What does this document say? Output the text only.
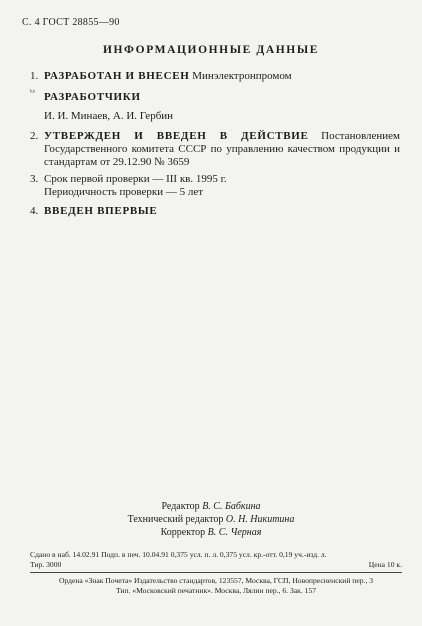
С. 4 ГОСТ 28855—90
ИНФОРМАЦИОННЫЕ ДАННЫЕ
1. РАЗРАБОТАН И ВНЕСЕН Минэлектронпромом
ᵏᵉ РАЗРАБОТЧИКИ
И. И. Минаев, А. И. Гербин
2. УТВЕРЖДЕН И ВВЕДЕН В ДЕЙСТВИЕ Постановлением Государственного комитета СССР по управлению качеством продукции и стандартам от 29.12.90 № 3659
3. Срок первой проверки — III кв. 1995 г.
Периодичность проверки — 5 лет
4. ВВЕДЕН ВПЕРВЫЕ
Редактор В. С. Бабкина
Технический редактор О. Н. Никитина
Корректор В. С. Черная
Сдано в наб. 14.02.91 Подп. в печ. 10.04.91 0,375 усл. п. л. 0,375 усл. кр.-отт. 0,19 уч.-изд. л.
Тир. 3000	Цена 10 к.
Ордена «Знак Почета» Издательство стандартов, 123557, Москва, ГСП, Новопресненский пер., 3
Тип. «Московский печатник». Москва, Лялин пер., 6. Зак. 157
